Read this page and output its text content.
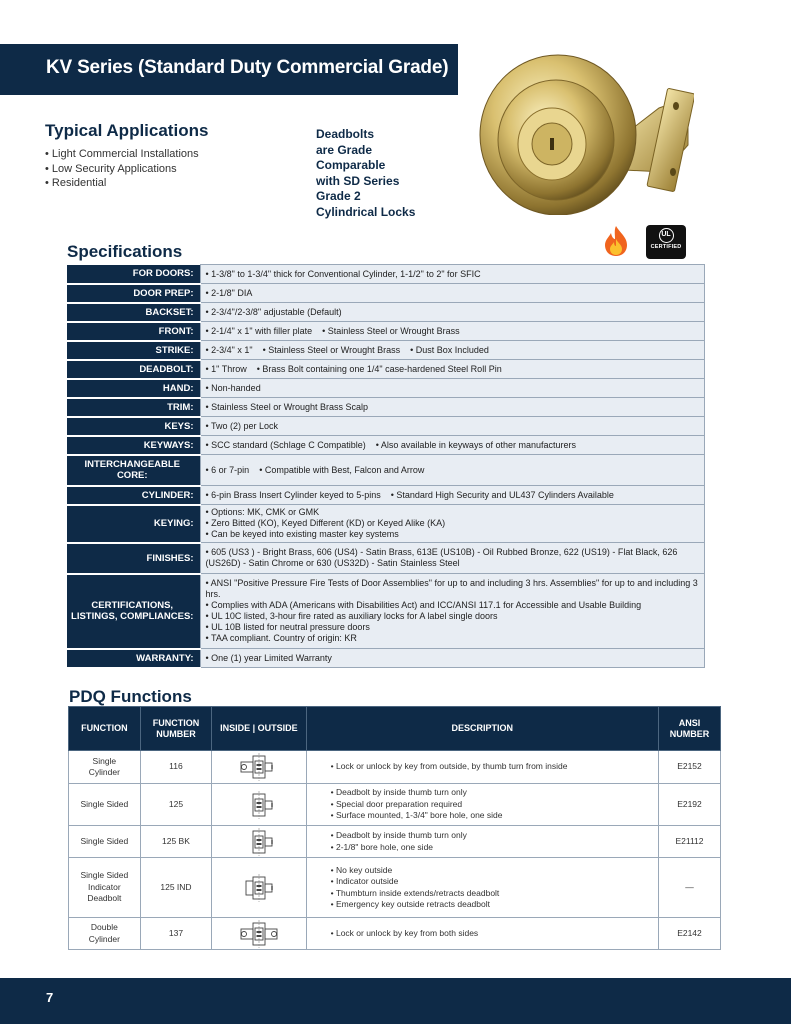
KV Series (Standard Duty Commercial Grade)
Typical Applications
• Light Commercial Installations
• Low Security Applications
• Residential
Deadbolts
are Grade
Comparable
with SD Series
Grade 2
Cylindrical Locks
UL
CERTIFIED
Specifications
FOR DOORS:	• 1-3/8" to 1-3/4" thick for Conventional Cylinder, 1-1/2" to 2" for SFIC
DOOR PREP:	• 2-1/8" DIA
BACKSET:	• 2-3/4"/2-3/8" adjustable (Default)
FRONT:	• 2-1/4" x 1" with filler plate • Stainless Steel or Wrought Brass
STRIKE:	• 2-3/4" x 1" • Stainless Steel or Wrought Brass • Dust Box Included
DEADBOLT:	• 1" Throw • Brass Bolt containing one 1/4" case-hardened Steel Roll Pin
HAND:	• Non-handed
TRIM:	• Stainless Steel or Wrought Brass Scalp
KEYS:	• Two (2) per Lock
KEYWAYS:	• SCC standard (Schlage C Compatible) • Also available in keyways of other manufacturers
INTERCHANGEABLE CORE:	• 6 or 7-pin • Compatible with Best, Falcon and Arrow
CYLINDER:	• 6-pin Brass Insert Cylinder keyed to 5-pins • Standard High Security and UL437 Cylinders Available
KEYING:	• Options: MK, CMK or GMK
• Zero Bitted (KO), Keyed Different (KD) or Keyed Alike (KA)
• Can be keyed into existing master key systems

FINISHES:	• 605 (US3 ) - Bright Brass, 606 (US4) - Satin Brass, 613E (US10B) - Oil Rubbed Bronze, 622 (US19) - Flat Black, 626 (US26D) - Satin Chrome or 630 (US32D) - Satin Stainless Steel

CERTIFICATIONS, LISTINGS, COMPLIANCES:	• ANSI "Positive Pressure Fire Tests of Door Assemblies" for up to and including 3 hrs. Assemblies" for up to and including 3 hrs.
• Complies with ADA (Americans with Disabilities Act) and ICC/ANSI 117.1 for Accessible and Usable Building
• UL 10C listed, 3-hour fire rated as auxiliary locks for A label single doors
• UL 10B listed for neutral pressure doors
• TAA compliant. Country of origin: KR

WARRANTY:	• One (1) year Limited Warranty
PDQ Functions
FUNCTION	FUNCTION NUMBER	INSIDE | OUTSIDE	DESCRIPTION	ANSI NUMBER
Single Cylinder	116		• Lock or unlock by key from outside, by thumb turn from inside	E2152
Single Sided	125		• Deadbolt by inside thumb turn only
• Special door preparation required
• Surface mounted, 1-3/4" bore hole, one side	E2192
Single Sided	125 BK		• Deadbolt by inside thumb turn only
• 2-1/8" bore hole, one side	E21112
Single Sided Indicator Deadbolt	125 IND		• No key outside
• Indicator outside
• Thumbturn inside extends/retracts deadbolt
• Emergency key outside retracts deadbolt	—
Double Cylinder	137		• Lock or unlock by key from both sides	E2142
7
